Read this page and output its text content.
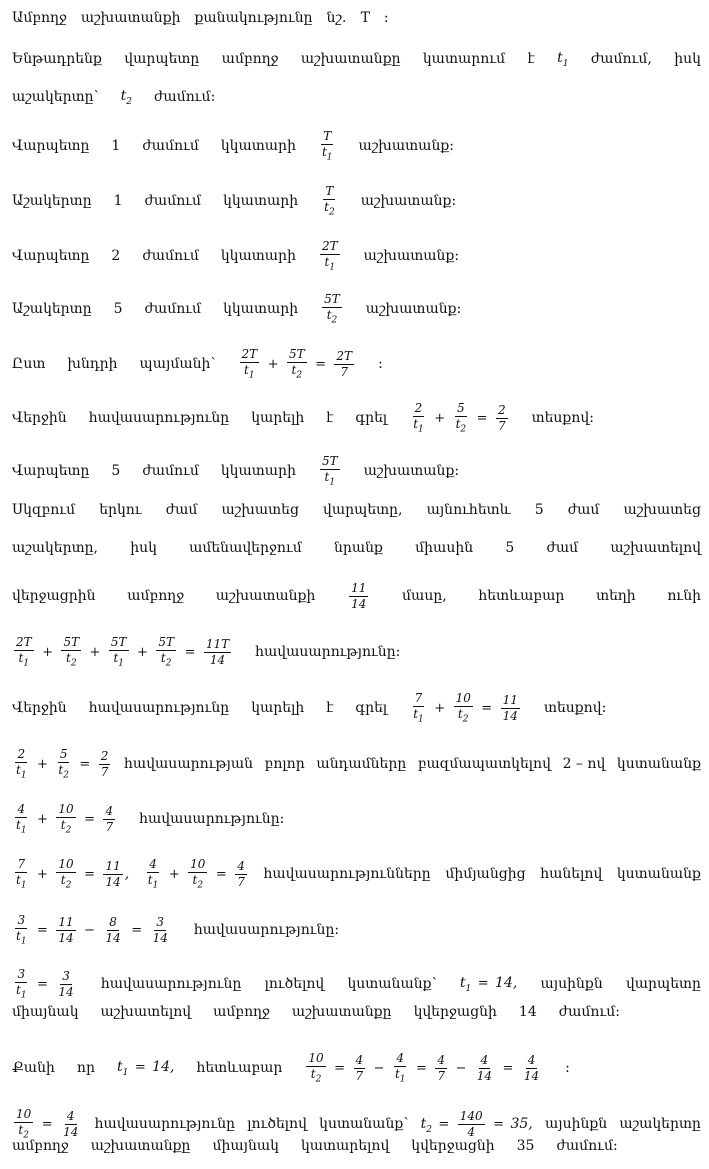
Ամբողջ աշխատանքի քանակությունը նշ․ T :
Ենթադրենք վարպետը ամբողջ աշխատանքը կատարում է $t_1$ ժամում, իսկ
աշակերտը՝ $t_2$ ժամում:
Վարպետը 1 ժամում կկատարի $\frac{T}{t_1}$ աշխատանք:
Աշակերտը 1 ժամում կկատարի $\frac{T}{t_2}$ աշխատանք:
Վարպետը 2 ժամում կկատարի $\frac{2T}{t_1}$ աշխատանք:
Աշակերտը 5 ժամում կկատարի $\frac{5T}{t_2}$ աշխատանք:
Ըստ խնդրի պայմանի՝ $\frac{2T}{t_1} + \frac{5T}{t_2} = \frac{2T}{7}$ :
Վերջին հավասարությունը կարելի է գրել $\frac{2}{t_1} + \frac{5}{t_2} = \frac{2}{7}$ տեսքով:
Վարպետը 5 ժամում կկատարի $\frac{5T}{t_1}$ աշխատանք:
Սկզբում երկու ժամ աշխատեց վարպետը, այնուհետև 5 ժամ աշխատեց
աշակերտը, իսկ ամենավերջում նրանք միասին 5 ժամ աշխատելով
վերջացրին ամբողջ աշխատանքի	$\frac{11}{14}$ մասը, հետևաբար տեղի ունի
$\frac{2T}{t_1} + \frac{5T}{t_2} + \frac{5T}{t_1} + \frac{5T}{t_2} = \frac{11T}{14}$ հավասարությունը:
Վերջին հավասարությունը կարելի է գրել $\frac{7}{t_1} + \frac{10}{t_2} = \frac{11}{14}$ տեսքով:
$\frac{2}{t_1} + \frac{5}{t_2} = \frac{2}{7}$ հավասարության բոլոր անդամները բազմապատկելով 2 – ով կստանանք
$\frac{4}{t_1} + \frac{10}{t_2} = \frac{4}{7}$ հավասարությունը:
$\frac{7}{t_1} + \frac{10}{t_2} = \frac{11}{14}$ , $\frac{4}{t_1} + \frac{10}{t_2} = \frac{4}{7}$ հավասարությունները միմյանցից հանելով կստանանք
$\frac{3}{t_1} = \frac{11}{14} - \frac{8}{14} = \frac{3}{14}$ հավասարությունը:
$\frac{3}{t_1} = \frac{3}{14}$ հավասարությունը լուծելով կստանանք՝ $t_1 = 14$, այսինքն վարպետը
միայնակ աշխատելով ամբողջ աշխատանքը կվերջացնի 14 ժամում:
Քանի որ $t_1 = 14$, հետևաբար $\frac{10}{t_2} = \frac{4}{7} - \frac{4}{t_1} = \frac{4}{7} - \frac{4}{14} = \frac{4}{14}$ :
$\frac{10}{t_2} = \frac{4}{14}$ հավասարությունը լուծելով կստանանք՝ $t_2 = \frac{140}{4} = 35$, այսինքն աշակերտը
ամբողջ աշխատանքը միայնակ կատարելով կվերջացնի 35 ժամում:
